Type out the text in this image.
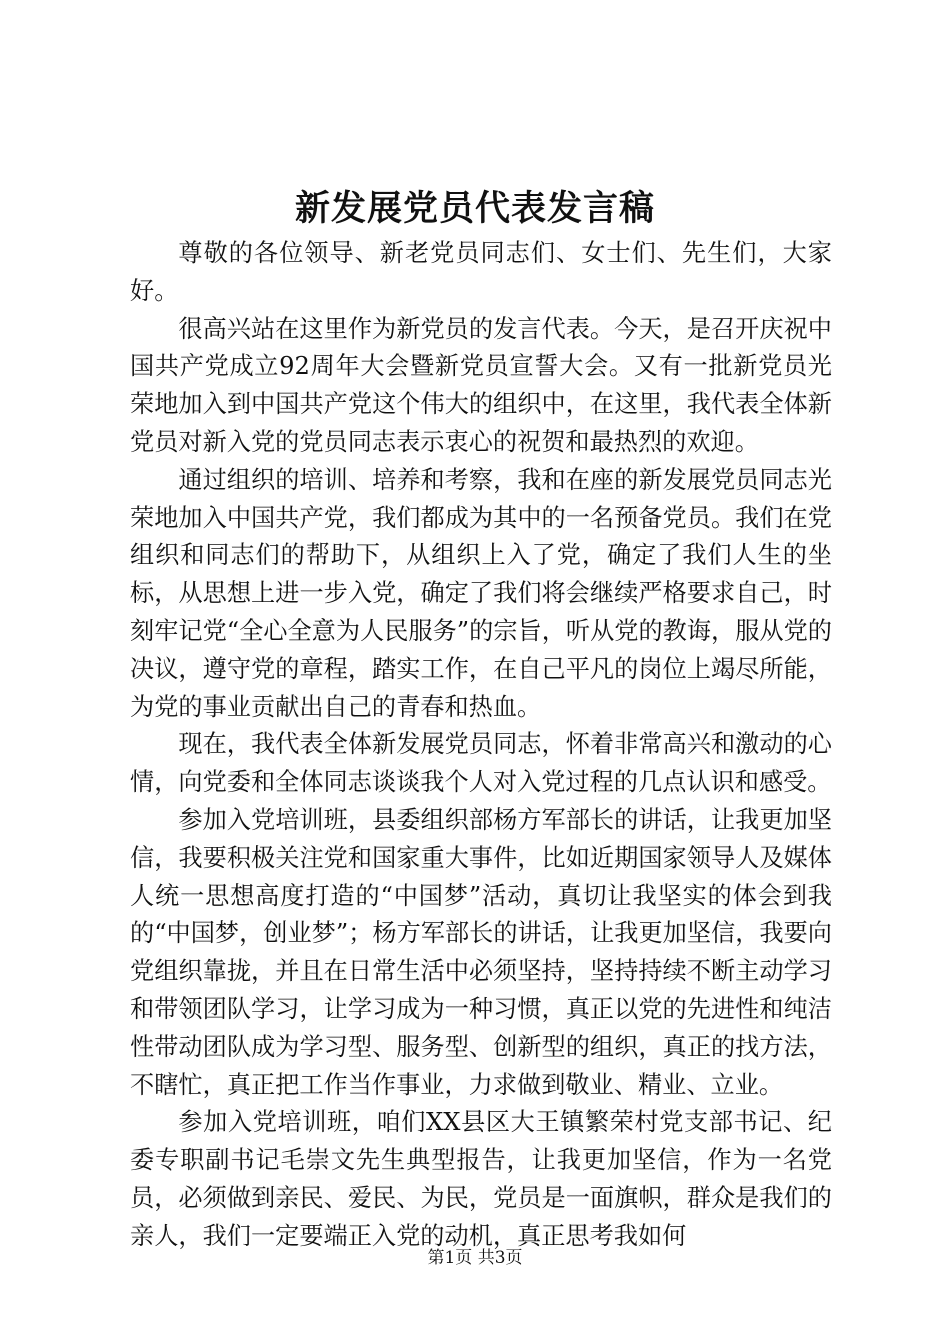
新发展党员代表发言稿

尊敬的各位领导、新老党员同志们、女士们、先生们，大家好。

很高兴站在这里作为新党员的发言代表。今天，是召开庆祝中国共产党成立92周年大会暨新党员宣誓大会。又有一批新党员光荣地加入到中国共产党这个伟大的组织中，在这里，我代表全体新党员对新入党的党员同志表示衷心的祝贺和最热烈的欢迎。

通过组织的培训、培养和考察，我和在座的新发展党员同志光荣地加入中国共产党，我们都成为其中的一名预备党员。我们在党组织和同志们的帮助下，从组织上入了党，确定了我们人生的坐标，从思想上进一步入党，确定了我们将会继续严格要求自己，时刻牢记党“全心全意为人民服务”的宗旨，听从党的教诲，服从党的决议，遵守党的章程，踏实工作，在自己平凡的岗位上竭尽所能，为党的事业贡献出自己的青春和热血。

现在，我代表全体新发展党员同志，怀着非常高兴和激动的心情，向党委和全体同志谈谈我个人对入党过程的几点认识和感受。

参加入党培训班，县委组织部杨方军部长的讲话，让我更加坚信，我要积极关注党和国家重大事件，比如近期国家领导人及媒体人统一思想高度打造的“中国梦”活动，真切让我坚实的体会到我的“中国梦，创业梦”；杨方军部长的讲话，让我更加坚信，我要向党组织靠拢，并且在日常生活中必须坚持，坚持持续不断主动学习和带领团队学习，让学习成为一种习惯，真正以党的先进性和纯洁性带动团队成为学习型、服务型、创新型的组织，真正的找方法，不瞎忙，真正把工作当作事业，力求做到敬业、精业、立业。

参加入党培训班，咱们XX县区大王镇繁荣村党支部书记、纪委专职副书记毛崇文先生典型报告，让我更加坚信，作为一名党员，必须做到亲民、爱民、为民，党员是一面旗帜，群众是我们的亲人，我们一定要端正入党的动机，真正思考我如何

第1页 共3页
